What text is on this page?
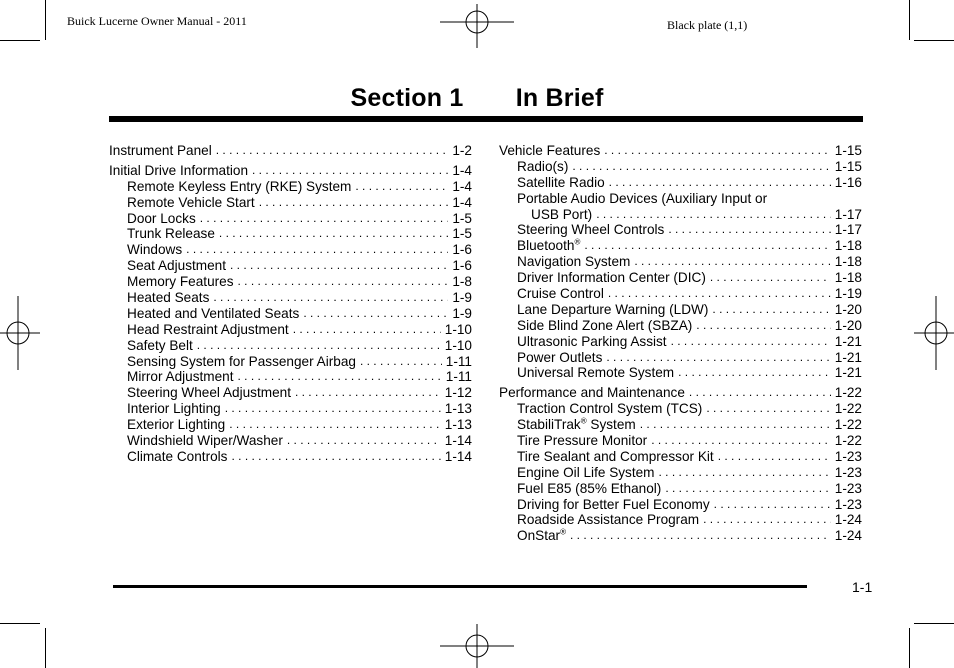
Buick Lucerne Owner Manual - 2011	Black plate (1,1)
Section 1 In Brief
Instrument Panel . . .	1-2
Initial Drive Information . . .	1-4
Remote Keyless Entry (RKE) System . . .	1-4
Remote Vehicle Start . . .	1-4
Door Locks . . .	1-5
Trunk Release . . .	1-5
Windows . . .	1-6
Seat Adjustment . . .	1-6
Memory Features . . .	1-8
Heated Seats . . .	1-9
Heated and Ventilated Seats . . .	1-9
Head Restraint Adjustment . . .	1-10
Safety Belt . . .	1-10
Sensing System for Passenger Airbag . . .	1-11
Mirror Adjustment . . .	1-11
Steering Wheel Adjustment . . .	1-12
Interior Lighting . . .	1-13
Exterior Lighting . . .	1-13
Windshield Wiper/Washer . . .	1-14
Climate Controls . . .	1-14
Vehicle Features . . .	1-15
Radio(s) . . .	1-15
Satellite Radio . . .	1-16
Portable Audio Devices (Auxiliary Input or
USB Port) . . .	1-17
Steering Wheel Controls . . .	1-17
Bluetooth® . . .	1-18
Navigation System . . .	1-18
Driver Information Center (DIC) . . .	1-18
Cruise Control . . .	1-19
Lane Departure Warning (LDW) . . .	1-20
Side Blind Zone Alert (SBZA) . . .	1-20
Ultrasonic Parking Assist . . .	1-21
Power Outlets . . .	1-21
Universal Remote System . . .	1-21
Performance and Maintenance . . .	1-22
Traction Control System (TCS) . . .	1-22
StabiliTrak® System . . .	1-22
Tire Pressure Monitor . . .	1-22
Tire Sealant and Compressor Kit . . .	1-23
Engine Oil Life System . . .	1-23
Fuel E85 (85% Ethanol) . . .	1-23
Driving for Better Fuel Economy . . .	1-23
Roadside Assistance Program . . .	1-24
OnStar® . . .	1-24
1-1
